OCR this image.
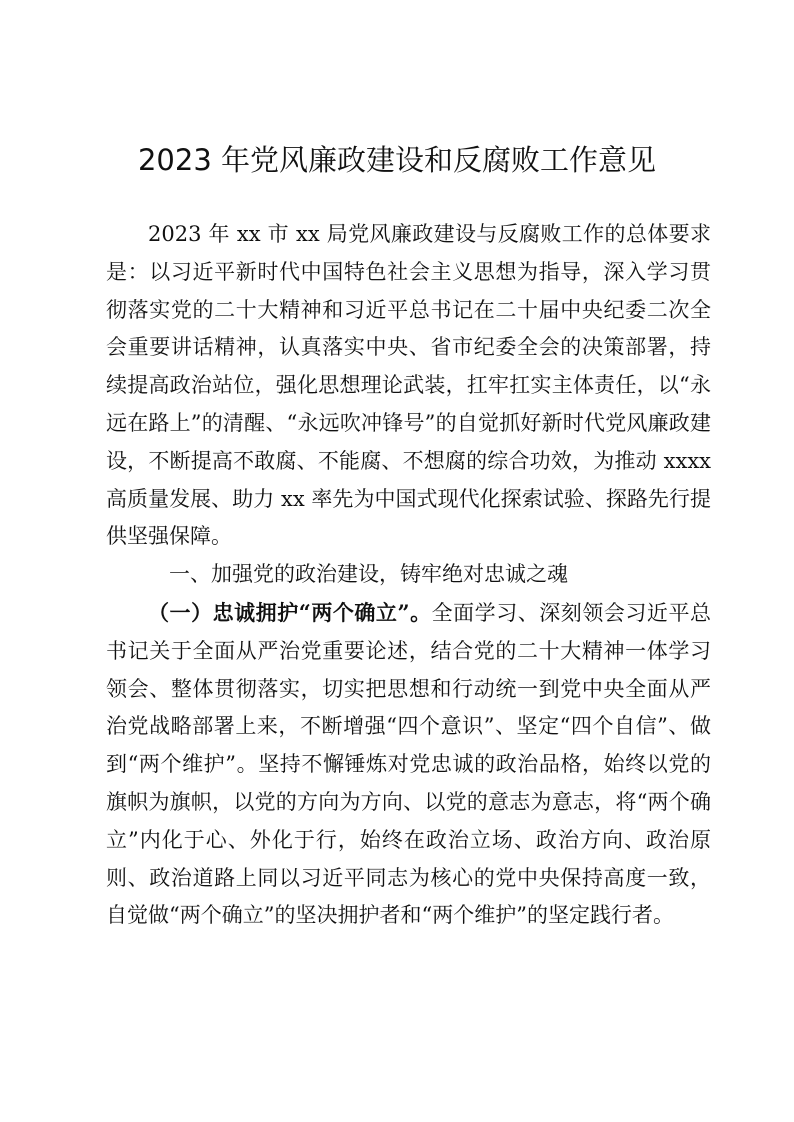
2023 年党风廉政建设和反腐败工作意见

2023 年 xx 市 xx 局党风廉政建设与反腐败工作的总体要求是：以习近平新时代中国特色社会主义思想为指导，深入学习贯彻落实党的二十大精神和习近平总书记在二十届中央纪委二次全会重要讲话精神，认真落实中央、省市纪委全会的决策部署，持续提高政治站位，强化思想理论武装，扛牢扛实主体责任，以“永远在路上”的清醒、“永远吹冲锋号”的自觉抓好新时代党风廉政建设，不断提高不敢腐、不能腐、不想腐的综合功效，为推动 xxxx 高质量发展、助力 xx 率先为中国式现代化探索试验、探路先行提供坚强保障。

一、加强党的政治建设，铸牢绝对忠诚之魂

（一）忠诚拥护“两个确立”。全面学习、深刻领会习近平总书记关于全面从严治党重要论述，结合党的二十大精神一体学习领会、整体贯彻落实，切实把思想和行动统一到党中央全面从严治党战略部署上来，不断增强“四个意识”、坚定“四个自信”、做到“两个维护”。坚持不懈锤炼对党忠诚的政治品格，始终以党的旗帜为旗帜，以党的方向为方向、以党的意志为意志，将“两个确立”内化于心、外化于行，始终在政治立场、政治方向、政治原则、政治道路上同以习近平同志为核心的党中央保持高度一致，自觉做“两个确立”的坚决拥护者和“两个维护”的坚定践行者。
